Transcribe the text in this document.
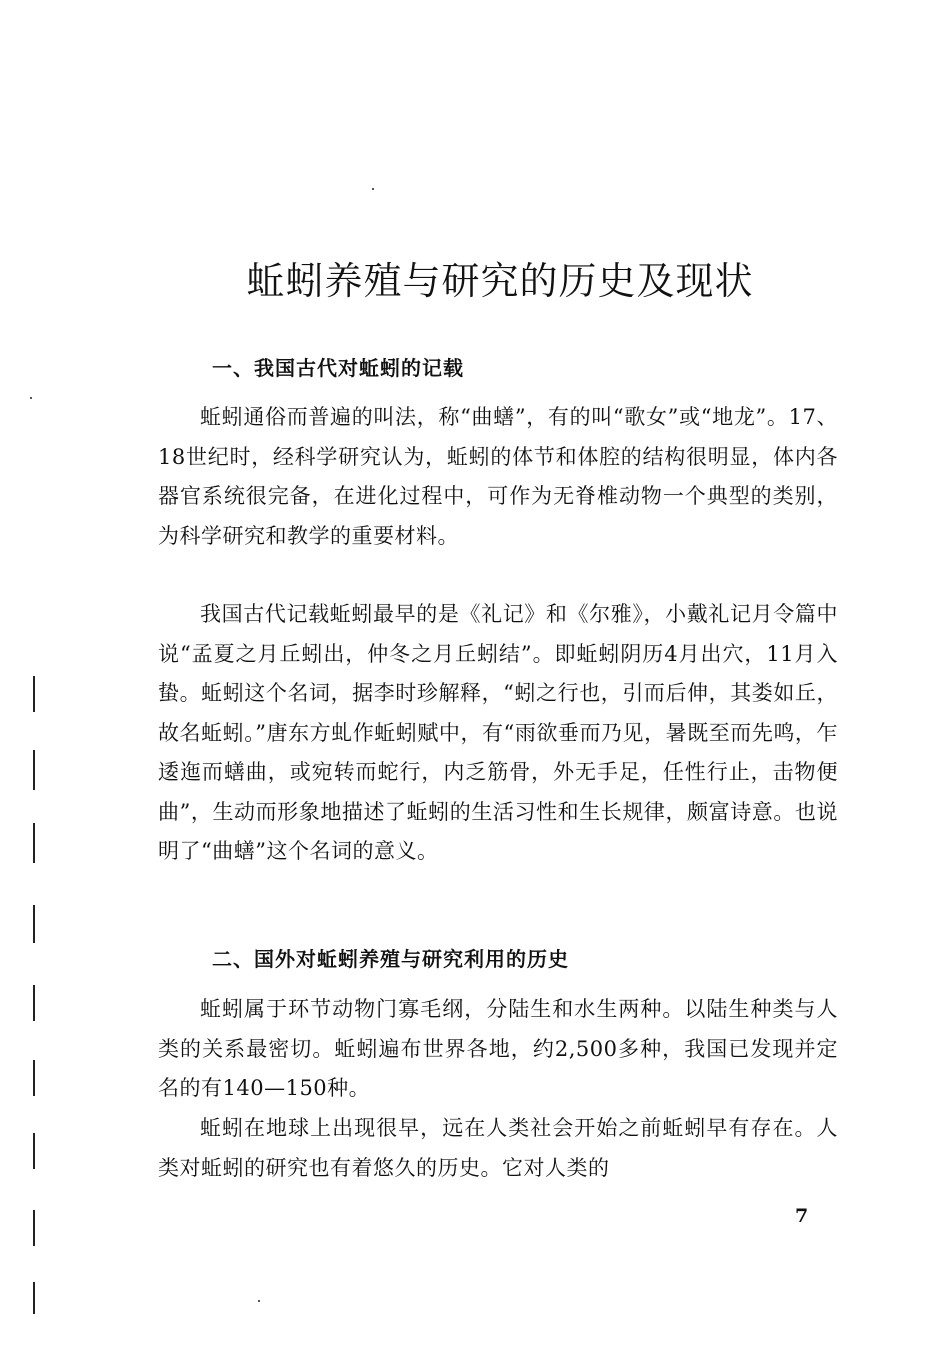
蚯蚓养殖与研究的历史及现状
一、我国古代对蚯蚓的记载

蚯蚓通俗而普遍的叫法，称“曲蟮”，有的叫“歌女”或“地龙”。17、18世纪时，经科学研究认为，蚯蚓的体节和体腔的结构很明显，体内各器官系统很完备，在进化过程中，可作为无脊椎动物一个典型的类别，为科学研究和教学的重要材料。

我国古代记载蚯蚓最早的是《礼记》和《尔雅》，小戴礼记月令篇中说“孟夏之月丘蚓出，仲冬之月丘蚓结”。即蚯蚓阴历4月出穴，11月入蛰。蚯蚓这个名词，据李时珍解释，“蚓之行也，引而后伸，其娄如丘，故名蚯蚓。”唐东方虬作蚯蚓赋中，有“雨欲垂而乃见，暑既至而先鸣，乍逶迤而蟮曲，或宛转而蛇行，内乏筋骨，外无手足，任性行止，击物便曲”，生动而形象地描述了蚯蚓的生活习性和生长规律，颇富诗意。也说明了“曲蟮”这个名词的意义。

二、国外对蚯蚓养殖与研究利用的历史

蚯蚓属于环节动物门寡毛纲，分陆生和水生两种。以陆生种类与人类的关系最密切。蚯蚓遍布世界各地，约2,500多种，我国已发现并定名的有140—150种。

蚯蚓在地球上出现很早，远在人类社会开始之前蚯蚓早有存在。人类对蚯蚓的研究也有着悠久的历史。它对人类的

7
